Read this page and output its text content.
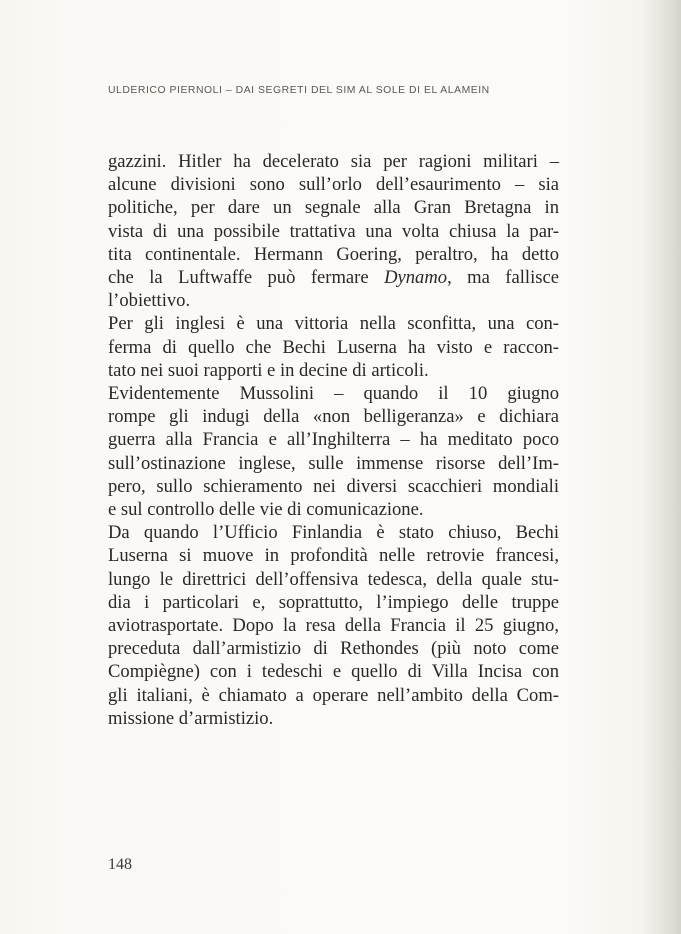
ULDERICO PIERNOLI – DAI SEGRETI DEL SIM AL SOLE DI EL ALAMEIN

gazzini. Hitler ha decelerato sia per ragioni militari –
alcune divisioni sono sull’orlo dell’esaurimento – sia
politiche, per dare un segnale alla Gran Bretagna in
vista di una possibile trattativa una volta chiusa la par-
tita continentale. Hermann Goering, peraltro, ha detto
che la Luftwaffe può fermare Dynamo, ma fallisce
l’obiettivo.

Per gli inglesi è una vittoria nella sconfitta, una con-
ferma di quello che Bechi Luserna ha visto e raccon-
tato nei suoi rapporti e in decine di articoli.

Evidentemente Mussolini – quando il 10 giugno
rompe gli indugi della «non belligeranza» e dichiara
guerra alla Francia e all’Inghilterra – ha meditato poco
sull’ostinazione inglese, sulle immense risorse dell’Im-
pero, sullo schieramento nei diversi scacchieri mondiali
e sul controllo delle vie di comunicazione.

Da quando l’Ufficio Finlandia è stato chiuso, Bechi
Luserna si muove in profondità nelle retrovie francesi,
lungo le direttrici dell’offensiva tedesca, della quale stu-
dia i particolari e, soprattutto, l’impiego delle truppe
aviotrasportate. Dopo la resa della Francia il 25 giugno,
preceduta dall’armistizio di Rethondes (più noto come
Compiègne) con i tedeschi e quello di Villa Incisa con
gli italiani, è chiamato a operare nell’ambito della Com-
missione d’armistizio.

148
